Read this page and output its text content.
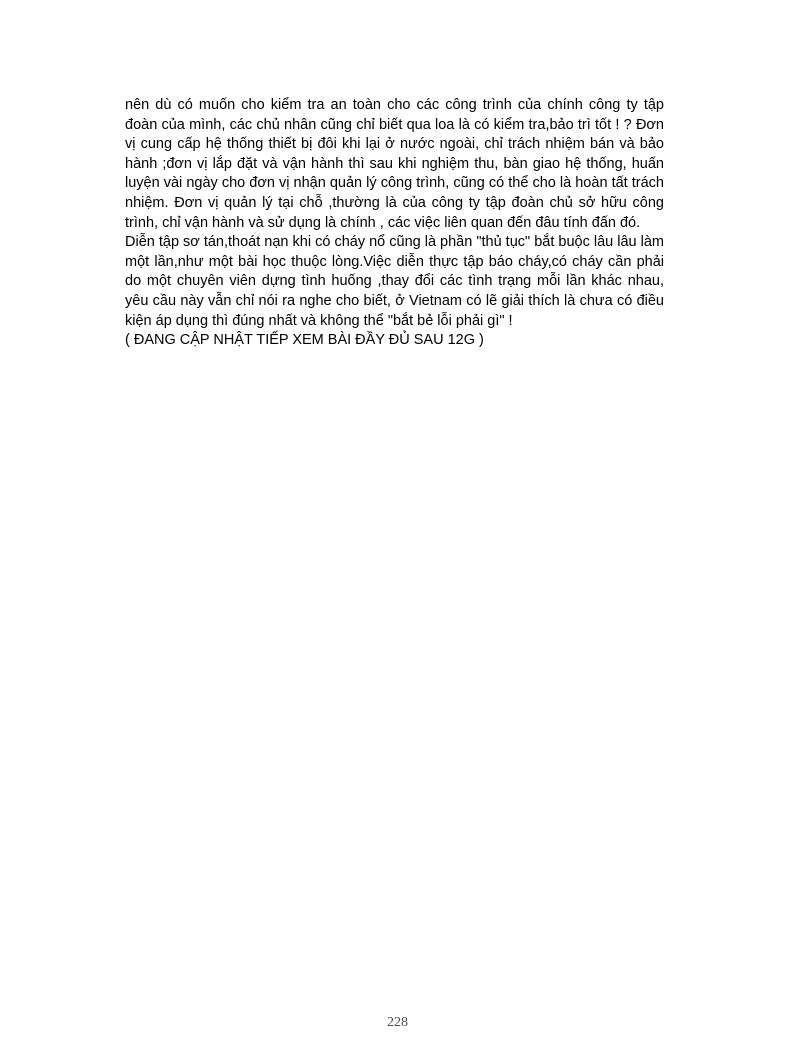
nên dù có muốn cho kiểm tra an toàn cho các công trình của chính công ty tập đoàn của mình, các chủ nhân cũng chỉ biết qua loa là có kiểm tra,bảo trì tốt ! ? Đơn vị cung cấp hệ thống thiết bị đôi khi lại ở nước ngoài, chỉ trách nhiệm bán và bảo hành ;đơn vị lắp đặt và vận hành thì sau khi nghiệm thu, bàn giao hệ thống, huấn luyện vài ngày cho đơn vị nhận quản lý công trình, cũng có thể cho là hoàn tất trách nhiệm. Đơn vị quản lý tại chỗ ,thường là của công ty tập đoàn chủ sở hữu công trình, chỉ vận hành và sử dụng là chính , các việc liên quan đến đâu tính đấn đó.

Diễn tập sơ tán,thoát nạn khi có cháy nổ cũng là phần "thủ tục" bắt buộc lâu lâu làm một lần,như một bài học thuộc lòng.Việc diễn thực tập báo cháy,có cháy cần phải do một chuyên viên dựng tình huống ,thay đổi các tình trạng mỗi lần khác nhau, yêu cầu này vẫn chỉ nói ra nghe cho biết, ở Vietnam có lẽ giải thích là chưa có điều kiện áp dụng thì đúng nhất và không thể "bắt bẻ lỗi phải gì" !

( ĐANG CẬP NHẬT TIẾP XEM BÀI ĐẦY ĐỦ SAU 12G )

228
